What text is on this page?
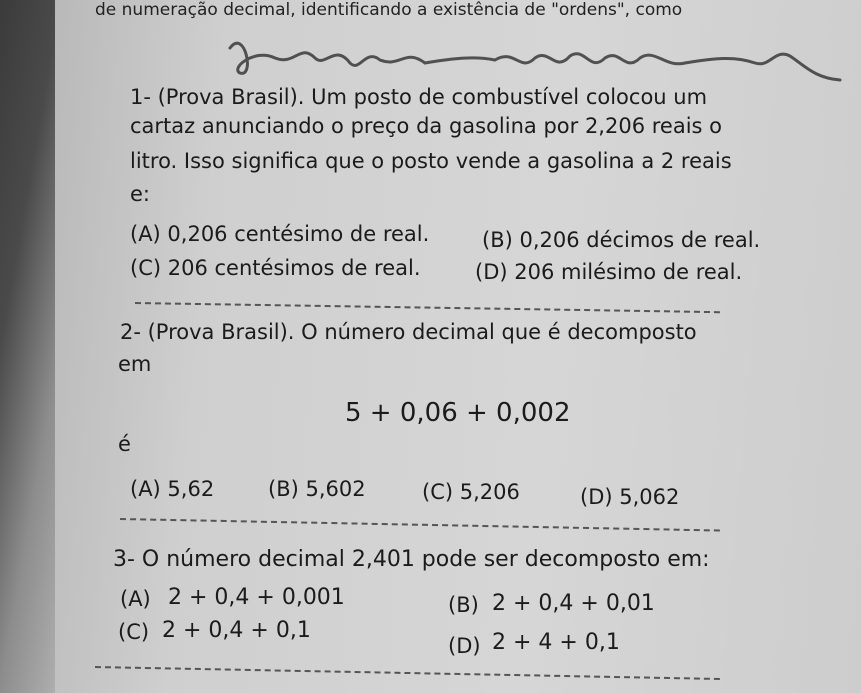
de numeração decimal, identificando a existência de "ordens", como
1- (Prova Brasil). Um posto de combustível colocou um
cartaz anunciando o preço da gasolina por 2,206 reais o
litro. Isso significa que o posto vende a gasolina a 2 reais
e:
(A) 0,206 centésimo de real.	(B) 0,206 décimos de real.
(C) 206 centésimos de real.	(D) 206 milésimo de real.
2- (Prova Brasil). O número decimal que é decomposto
em
5 + 0,06 + 0,002
é
(A) 5,62	(B) 5,602	(C) 5,206	(D) 5,062
3- O número decimal 2,401 pode ser decomposto em:
(A) 2 + 0,4 + 0,001	(B) 2 + 0,4 + 0,01
(C) 2 + 0,4 + 0,1
(D) 2 + 4 + 0,1
